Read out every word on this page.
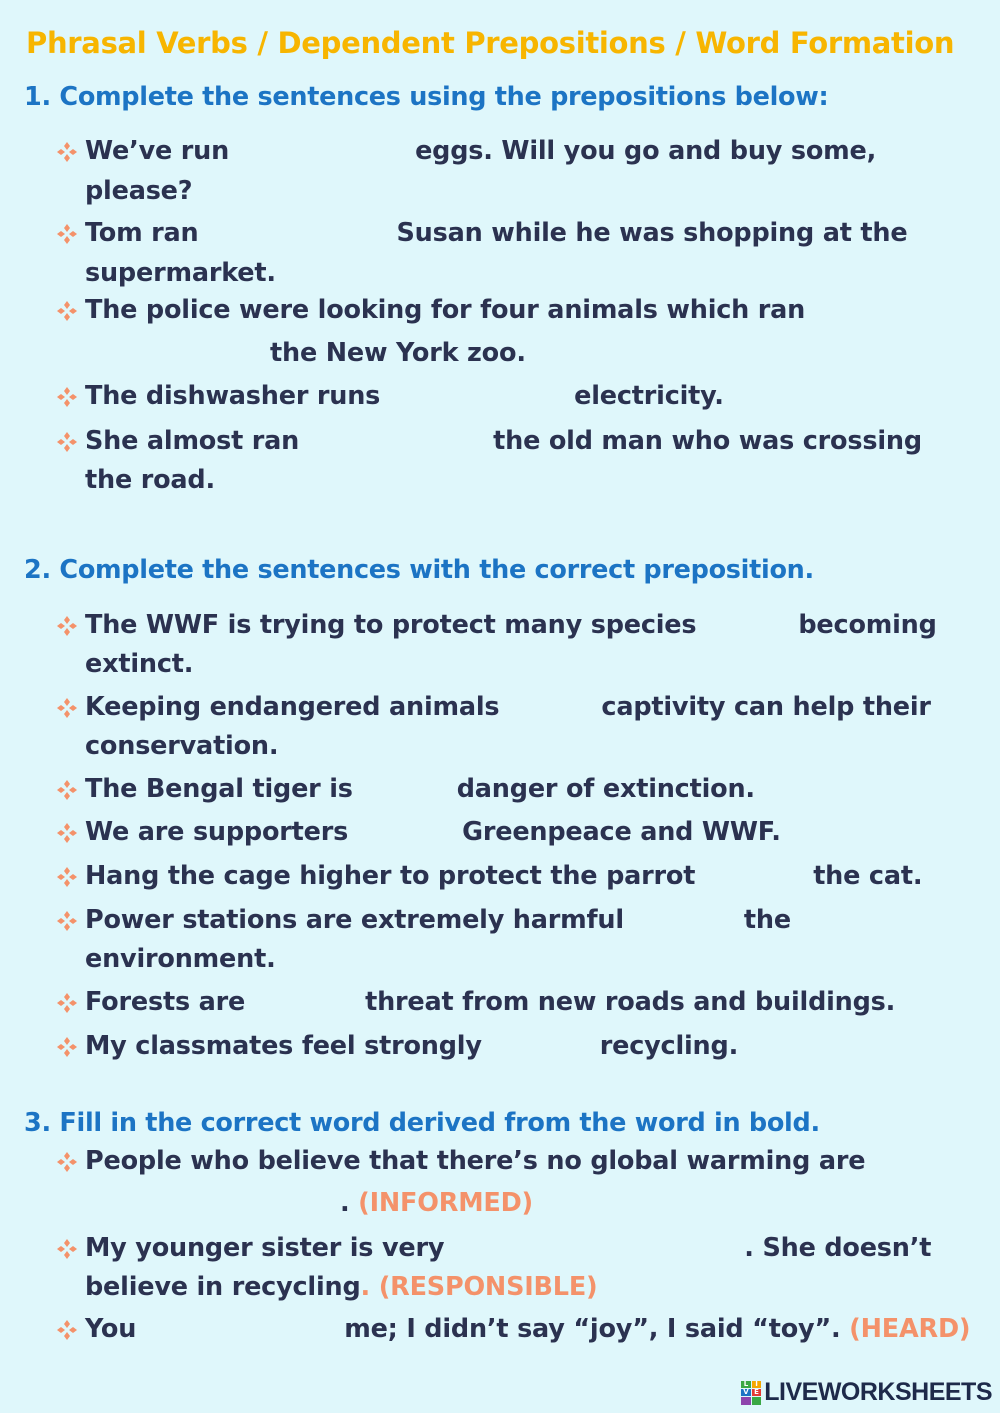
Phrasal Verbs / Dependent Prepositions / Word Formation
1. Complete the sentences using the prepositions below:
We’ve run	eggs. Will you go and buy some,
please?
Tom ran	Susan while he was shopping at the
supermarket.
The police were looking for four animals which ran
the New York zoo.
The dishwasher runs	electricity.
She almost ran	the old man who was crossing
the road.
2. Complete the sentences with the correct preposition.
The WWF is trying to protect many species	becoming
extinct.
Keeping endangered animals	captivity can help their
conservation.
The Bengal tiger is	danger of extinction.
We are supporters	Greenpeace and WWF.
Hang the cage higher to protect the parrot	the cat.
Power stations are extremely harmful	the
environment.
Forests are	threat from new roads and buildings.
My classmates feel strongly	recycling.
3. Fill in the correct word derived from the word in bold.
People who believe that there’s no global warming are
. (INFORMED)
My younger sister is very	. She doesn’t
believe in recycling. (RESPONSIBLE)
You	me; I didn’t say “joy”, I said “toy”. (HEARD)
L I
V E LIVEWORKSHEETS
